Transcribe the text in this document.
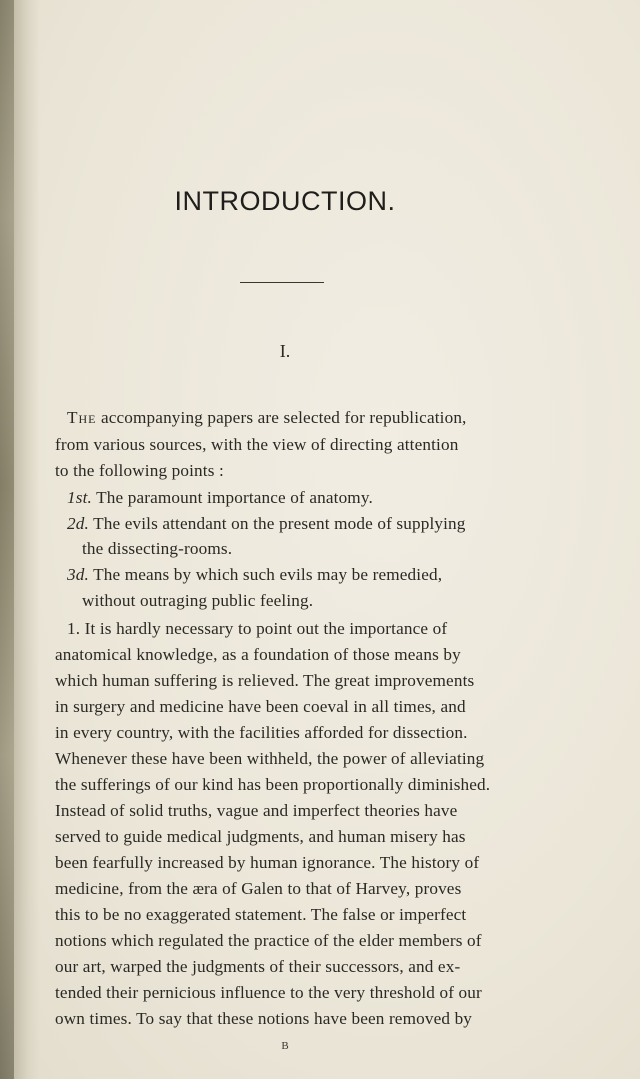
INTRODUCTION.
I.
The accompanying papers are selected for republication,
from various sources, with the view of directing attention
to the following points :
1st. The paramount importance of anatomy.
2d. The evils attendant on the present mode of supplying
the dissecting-rooms.
3d. The means by which such evils may be remedied,
without outraging public feeling.
1. It is hardly necessary to point out the importance of
anatomical knowledge, as a foundation of those means by
which human suffering is relieved. The great improvements
in surgery and medicine have been coeval in all times, and
in every country, with the facilities afforded for dissection.
Whenever these have been withheld, the power of alleviating
the sufferings of our kind has been proportionally diminished.
Instead of solid truths, vague and imperfect theories have
served to guide medical judgments, and human misery has
been fearfully increased by human ignorance. The history of
medicine, from the æra of Galen to that of Harvey, proves
this to be no exaggerated statement. The false or imperfect
notions which regulated the practice of the elder members of
our art, warped the judgments of their successors, and ex-
tended their pernicious influence to the very threshold of our
own times. To say that these notions have been removed by
B
